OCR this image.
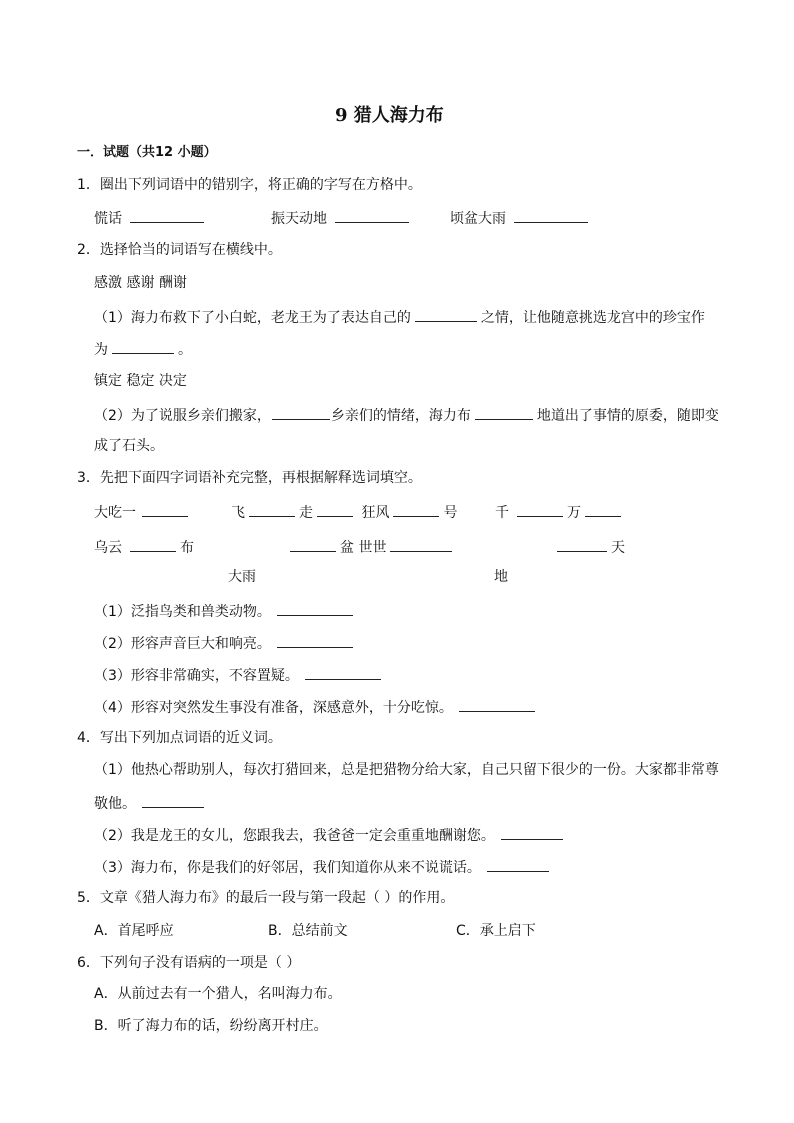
9 猎人海力布
一．试题（共12 小题）
1．圈出下列词语中的错别字，将正确的字写在方格中。
慌话	振天动地	顷盆大雨
2．选择恰当的词语写在横线中。
感激 感谢 酬谢
（1）海力布救下了小白蛇，老龙王为了表达自己的	之情，让他随意挑选龙宫中的珍宝作
为	。
镇定 稳定 决定
（2）为了说服乡亲们搬家，	乡亲们的情绪，海力布	地道出了事情的原委，随即变
成了石头。
3．先把下面四字词语补充完整，再根据解释选词填空。
大吃一	飞	走	狂风	号	千	万
乌云	布	盆 世世	天
大雨	地
（1）泛指鸟类和兽类动物。
（2）形容声音巨大和响亮。
（3）形容非常确实，不容置疑。
（4）形容对突然发生事没有准备，深感意外，十分吃惊。
4．写出下列加点词语的近义词。
（1）他热心帮助别人，每次打猎回来，总是把猎物分给大家，自己只留下很少的一份。大家都非常尊
敬他。
（2）我是龙王的女儿，您跟我去，我爸爸一定会重重地酬谢您。
（3）海力布，你是我们的好邻居，我们知道你从来不说谎话。
5．文章《猎人海力布》的最后一段与第一段起（ ）的作用。
A．首尾呼应	B．总结前文	C．承上启下
6．下列句子没有语病的一项是（ ）
A．从前过去有一个猎人，名叫海力布。
B．听了海力布的话，纷纷离开村庄。
